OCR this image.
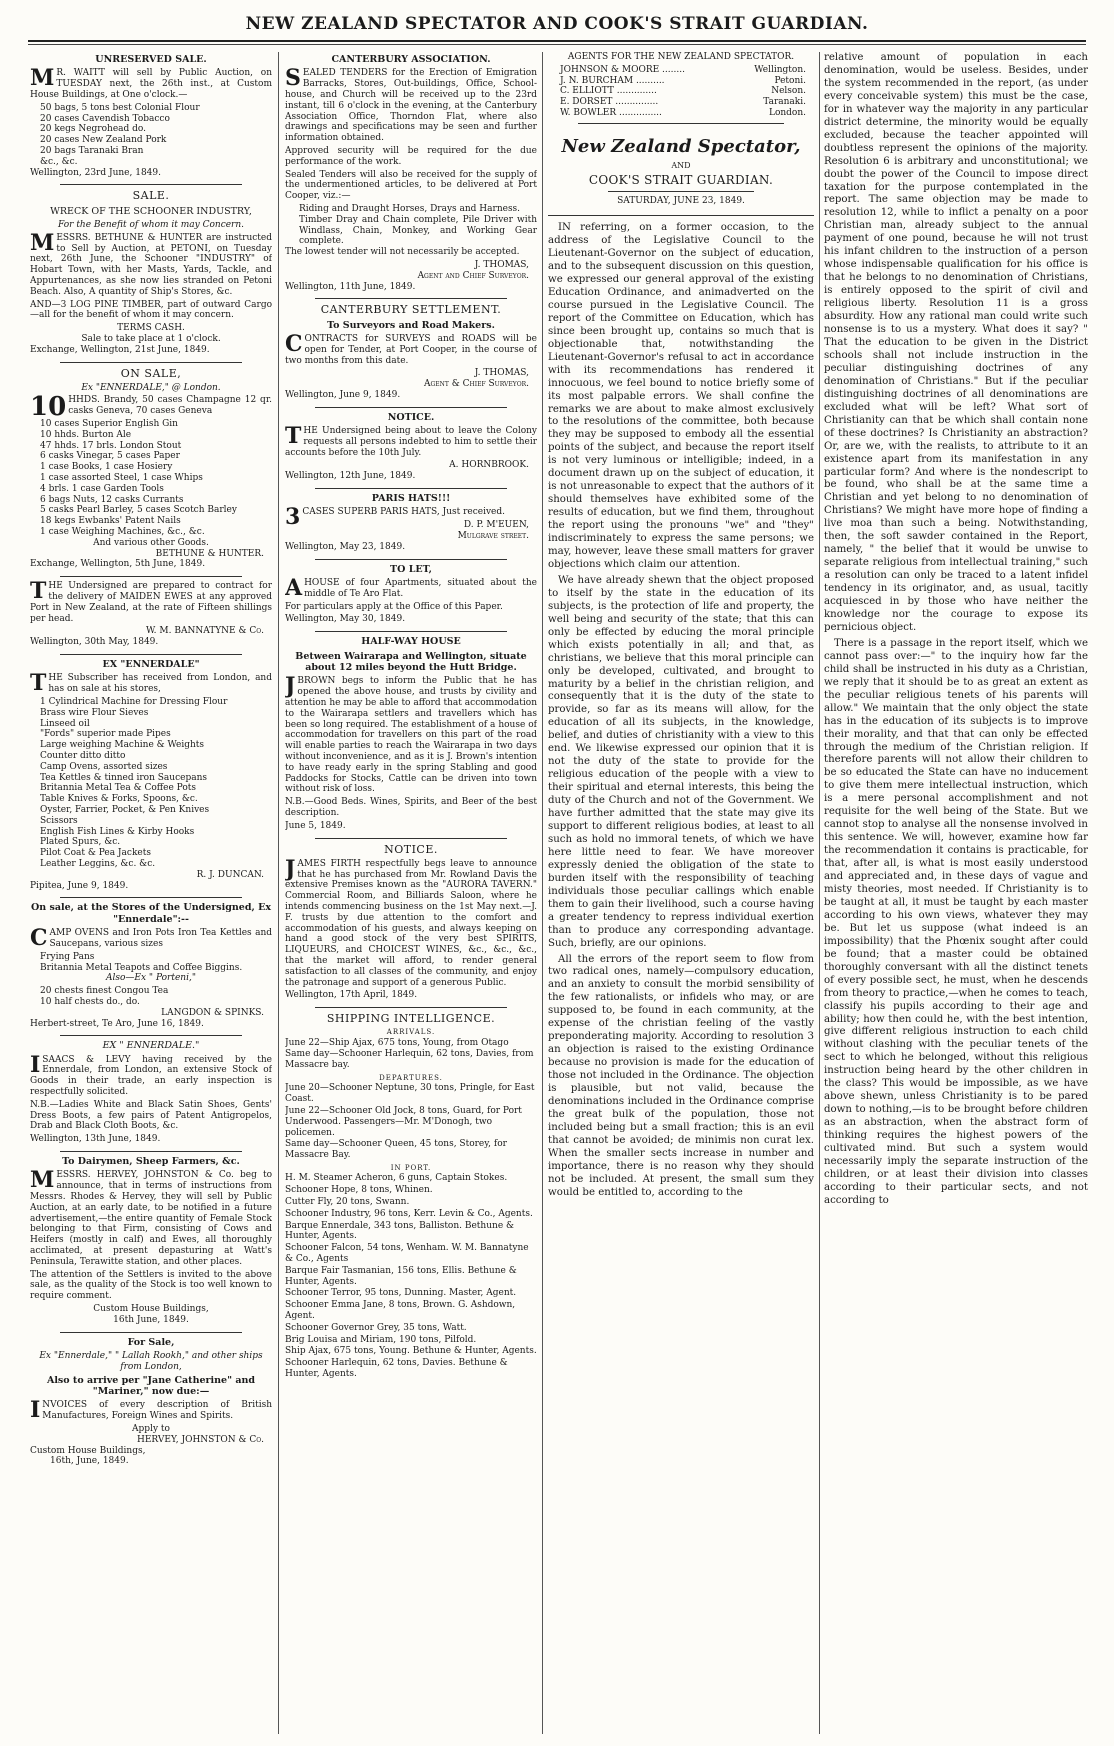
NEW ZEALAND SPECTATOR AND COOK'S STRAIT GUARDIAN.
UNRESERVED SALE.

M R. WAITT will sell by Public Auction, on TUESDAY next, the 26th inst., at Custom House Buildings, at One o'clock.—

50 bags, 5 tons best Colonial Flour
20 cases Cavendish Tobacco
20 kegs Negrohead do.
20 cases New Zealand Pork
20 bags Taranaki Bran
&c., &c.
Wellington, 23rd June, 1849.
SALE.
WRECK OF THE SCHOONER INDUSTRY,
For the Benefit of whom it may Concern.

MESSRS. BETHUNE & HUNTER are instructed to Sell by Auction, at PETONI, on Tuesday next, 26th June, the Schooner "INDUSTRY" of Hobart Town, with her Masts, Yards, Tackle, and Appurtenances, as she now lies stranded on Petoni Beach. Also, A quantity of Ship's Stores, &c.

AND—3 LOG PINE TIMBER, part of outward Cargo—all for the benefit of whom it may concern.

TERMS CASH.
Sale to take place at 1 o'clock.
Exchange, Wellington, 21st June, 1849.
ON SALE,
Ex "ENNERDALE," @ London.

10 HHDS. Brandy, 50 cases Champagne 12 qr. casks Geneva, 70 cases Geneva

10 cases Superior English Gin
10 hhds. Burton Ale
47 hhds. 17 brls. London Stout
6 casks Vinegar, 5 cases Paper
1 case Books, 1 case Hosiery
1 case assorted Steel, 1 case Whips
4 brls. 1 case Garden Tools
6 bags Nuts, 12 casks Currants
5 casks Pearl Barley, 5 cases Scotch Barley
18 kegs Ewbanks' Patent Nails
1 case Weighing Machines, &c., &c.
And various other Goods.
BETHUNE & HUNTER.
Exchange, Wellington, 5th June, 1849.

THE Undersigned are prepared to contract for the delivery of MAIDEN EWES at any approved Port in New Zealand, at the rate of Fifteen shillings per head.

W. M. BANNATYNE & Co.
Wellington, 30th May, 1849.
EX "ENNERDALE"

THE Subscriber has received from London, and has on sale at his stores,

1 Cylindrical Machine for Dressing Flour
Brass wire Flour Sieves
Linseed oil
"Fords" superior made Pipes
Large weighing Machine & Weights
Counter ditto ditto
Camp Ovens, assorted sizes
Tea Kettles & tinned iron Saucepans
Britannia Metal Tea & Coffee Pots
Table Knives & Forks, Spoons, &c.
Oyster, Farrier, Pocket, & Pen Knives
Scissors
English Fish Lines & Kirby Hooks
Plated Spurs, &c.
Pilot Coat & Pea Jackets
Leather Leggins, &c. &c.
R. J. DUNCAN.
Pipitea, June 9, 1849.
On sale, at the Stores of the Undersigned, Ex "Ennerdale":--

CAMP OVENS and Iron Pots Iron Tea Kettles and Saucepans, various sizes

Frying Pans
Britannia Metal Teapots and Coffee Biggins.
Also—Ex " Porteni,"
20 chests finest Congou Tea
10 half chests do., do.
LANGDON & SPINKS.
Herbert-street, Te Aro, June 16, 1849.
EX " ENNERDALE."

ISAACS & LEVY having received by the Ennerdale, from London, an extensive Stock of Goods in their trade, an early inspection is respectfully solicited.

N.B.—Ladies White and Black Satin Shoes, Gents' Dress Boots, a few pairs of Patent Antigropelos, Drab and Black Cloth Boots, &c.

Wellington, 13th June, 1849.
To Dairymen, Sheep Farmers, &c.

MESSRS. HERVEY, JOHNSTON & Co. beg to announce, that in terms of instructions from Messrs. Rhodes & Hervey, they will sell by Public Auction, at an early date, to be notified in a future advertisement,—the entire quantity of Female Stock belonging to that Firm, consisting of Cows and Heifers (mostly in calf) and Ewes, all thoroughly acclimated, at present depasturing at Watt's Peninsula, Terawitte station, and other places.

The attention of the Settlers is invited to the above sale, as the quality of the Stock is too well known to require comment.

Custom House Buildings,
16th June, 1849.
For Sale,
Ex "Ennerdale," " Lallah Rookh," and other ships from London,
Also to arrive per "Jane Catherine" and "Mariner," now due:—

INVOICES of every description of British Manufactures, Foreign Wines and Spirits.

Apply to
HERVEY, JOHNSTON & Co.
Custom House Buildings,
16th, June, 1849.
CANTERBURY ASSOCIATION.

SEALED TENDERS for the Erection of Emigration Barracks, Stores, Out-buildings, Office, School-house, and Church will be received up to the 23rd instant, till 6 o'clock in the evening, at the Canterbury Association Office, Thorndon Flat, where also drawings and specifications may be seen and further information obtained.

Approved security will be required for the due performance of the work.

Sealed Tenders will also be received for the supply of the undermentioned articles, to be delivered at Port Cooper, viz.:—

Riding and Draught Horses, Drays and Harness.

Timber Dray and Chain complete, Pile Driver with Windlass, Chain, Monkey, and Working Gear complete.

The lowest tender will not necessarily be accepted.

J. THOMAS,
Agent and Chief Surveyor.
Wellington, 11th June, 1849.
CANTERBURY SETTLEMENT.
To Surveyors and Road Makers.

CONTRACTS for SURVEYS and ROADS will be open for Tender, at Port Cooper, in the course of two months from this date.

J. THOMAS,
Agent & Chief Surveyor.
Wellington, June 9, 1849.
NOTICE.

THE Undersigned being about to leave the Colony requests all persons indebted to him to settle their accounts before the 10th July.

A. HORNBROOK.
Wellington, 12th June, 1849.
PARIS HATS!!!

3 CASES SUPERB PARIS HATS, Just received.

D. P. M'EUEN,
Mulgrave street.
Wellington, May 23, 1849.
TO LET,

AHOUSE of four Apartments, situated about the middle of Te Aro Flat.

For particulars apply at the Office of this Paper.

Wellington, May 30, 1849.
HALF-WAY HOUSE
Between Wairarapa and Wellington, situate about 12 miles beyond the Hutt Bridge.

JBROWN begs to inform the Public that he has opened the above house, and trusts by civility and attention he may be able to afford that accommodation to the Wairarapa settlers and travellers which has been so long required. The establishment of a house of accommodation for travellers on this part of the road will enable parties to reach the Wairarapa in two days without inconvenience, and as it is J. Brown's intention to have ready early in the spring Stabling and good Paddocks for Stocks, Cattle can be driven into town without risk of loss.

N.B.—Good Beds. Wines, Spirits, and Beer of the best description.

June 5, 1849.
NOTICE.

JAMES FIRTH respectfully begs leave to announce that he has purchased from Mr. Rowland Davis the extensive Premises known as the "AURORA TAVERN." Commercial Room, and Billiards Saloon, where he intends commencing business on the 1st May next.—J. F. trusts by due attention to the comfort and accommodation of his guests, and always keeping on hand a good stock of the very best SPIRITS, LIQUEURS, and CHOICEST WINES, &c., &c., &c., that the market will afford, to render general satisfaction to all classes of the community, and enjoy the patronage and support of a generous Public.

Wellington, 17th April, 1849.
SHIPPING INTELLIGENCE.
ARRIVALS.
June 22—Ship Ajax, 675 tons, Young, from Otago
Same day—Schooner Harlequin, 62 tons, Davies, from Massacre bay.
DEPARTURES.
June 20—Schooner Neptune, 30 tons, Pringle, for East Coast.
June 22—Schooner Old Jock, 8 tons, Guard, for Port Underwood. Passengers—Mr. M'Donogh, two policemen.
Same day—Schooner Queen, 45 tons, Storey, for Massacre Bay.
IN PORT.
H. M. Steamer Acheron, 6 guns, Captain Stokes.
Schooner Hope, 8 tons, Whinen.
Cutter Fly, 20 tons, Swann.
Schooner Industry, 96 tons, Kerr. Levin & Co., Agents.
Barque Ennerdale, 343 tons, Balliston. Bethune & Hunter, Agents.
Schooner Falcon, 54 tons, Wenham. W. M. Bannatyne & Co., Agents
Barque Fair Tasmanian, 156 tons, Ellis. Bethune & Hunter, Agents.
Schooner Terror, 95 tons, Dunning. Master, Agent.
Schooner Emma Jane, 8 tons, Brown. G. Ashdown, Agent.
Schooner Governor Grey, 35 tons, Watt.
Brig Louisa and Miriam, 190 tons, Pilfold.
Ship Ajax, 675 tons, Young. Bethune & Hunter, Agents.
Schooner Harlequin, 62 tons, Davies. Bethune & Hunter, Agents.
AGENTS FOR THE NEW ZEALAND SPECTATOR.
JOHNSON & MOORE ........	Wellington.
J. N. BURCHAM ..........	Petoni.
C. ELLIOTT ..............	Nelson.
E. DORSET ...............	Taranaki.
W. BOWLER ...............	London.
New Zealand Spectator,
AND
COOK'S STRAIT GUARDIAN.
SATURDAY, JUNE 23, 1849.

IN referring, on a former occasion, to the address of the Legislative Council to the Lieutenant-Governor on the subject of education, and to the subsequent discussion on this question, we expressed our general approval of the existing Education Ordinance, and animadverted on the course pursued in the Legislative Council. The report of the Committee on Education, which has since been brought up, contains so much that is objectionable that, notwithstanding the Lieutenant-Governor's refusal to act in accordance with its recommendations has rendered it innocuous, we feel bound to notice briefly some of its most palpable errors. We shall confine the remarks we are about to make almost exclusively to the resolutions of the committee, both because they may be supposed to embody all the essential points of the subject, and because the report itself is not very luminous or intelligible; indeed, in a document drawn up on the subject of education, it is not unreasonable to expect that the authors of it should themselves have exhibited some of the results of education, but we find them, throughout the report using the pronouns "we" and "they" indiscriminately to express the same persons; we may, however, leave these small matters for graver objections which claim our attention.

We have already shewn that the object proposed to itself by the state in the education of its subjects, is the protection of life and property, the well being and security of the state; that this can only be effected by educing the moral principle which exists potentially in all; and that, as christians, we believe that this moral principle can only be developed, cultivated, and brought to maturity by a belief in the christian religion, and consequently that it is the duty of the state to provide, so far as its means will allow, for the education of all its subjects, in the knowledge, belief, and duties of christianity with a view to this end. We likewise expressed our opinion that it is not the duty of the state to provide for the religious education of the people with a view to their spiritual and eternal interests, this being the duty of the Church and not of the Government. We have further admitted that the state may give its support to different religious bodies, at least to all such as hold no immoral tenets, of which we have here little need to fear. We have moreover expressly denied the obligation of the state to burden itself with the responsibility of teaching individuals those peculiar callings which enable them to gain their livelihood, such a course having a greater tendency to repress individual exertion than to produce any corresponding advantage. Such, briefly, are our opinions.

All the errors of the report seem to flow from two radical ones, namely—compulsory education, and an anxiety to consult the morbid sensibility of the few rationalists, or infidels who may, or are supposed to, be found in each community, at the expense of the christian feeling of the vastly preponderating majority. According to resolution 3 an objection is raised to the existing Ordinance because no provision is made for the education of those not included in the Ordinance. The objection is plausible, but not valid, because the denominations included in the Ordinance comprise the great bulk of the population, those not included being but a small fraction; this is an evil that cannot be avoided; de minimis non curat lex. When the smaller sects increase in number and importance, there is no reason why they should not be included. At present, the small sum they would be entitled to, according to the

relative amount of population in each denomination, would be useless. Besides, under the system recommended in the report, (as under every conceivable system) this must be the case, for in whatever way the majority in any particular district determine, the minority would be equally excluded, because the teacher appointed will doubtless represent the opinions of the majority. Resolution 6 is arbitrary and unconstitutional; we doubt the power of the Council to impose direct taxation for the purpose contemplated in the report. The same objection may be made to resolution 12, while to inflict a penalty on a poor Christian man, already subject to the annual payment of one pound, because he will not trust his infant children to the instruction of a person whose indispensable qualification for his office is that he belongs to no denomination of Christians, is entirely opposed to the spirit of civil and religious liberty. Resolution 11 is a gross absurdity. How any rational man could write such nonsense is to us a mystery. What does it say? " That the education to be given in the District schools shall not include instruction in the peculiar distinguishing doctrines of any denomination of Christians." But if the peculiar distinguishing doctrines of all denominations are excluded what will be left? What sort of Christianity can that be which shall contain none of these doctrines? Is Christianity an abstraction? Or, are we, with the realists, to attribute to it an existence apart from its manifestation in any particular form? And where is the nondescript to be found, who shall be at the same time a Christian and yet belong to no denomination of Christians? We might have more hope of finding a live moa than such a being. Notwithstanding, then, the soft sawder contained in the Report, namely, " the belief that it would be unwise to separate religious from intellectual training," such a resolution can only be traced to a latent infidel tendency in its originator, and, as usual, tacitly acquiesced in by those who have neither the knowledge nor the courage to expose its pernicious object.

There is a passage in the report itself, which we cannot pass over:—" to the inquiry how far the child shall be instructed in his duty as a Christian, we reply that it should be to as great an extent as the peculiar religious tenets of his parents will allow." We maintain that the only object the state has in the education of its subjects is to improve their morality, and that that can only be effected through the medium of the Christian religion. If therefore parents will not allow their children to be so educated the State can have no inducement to give them mere intellectual instruction, which is a mere personal accomplishment and not requisite for the well being of the State. But we cannot stop to analyse all the nonsense involved in this sentence. We will, however, examine how far the recommendation it contains is practicable, for that, after all, is what is most easily understood and appreciated and, in these days of vague and misty theories, most needed. If Christianity is to be taught at all, it must be taught by each master according to his own views, whatever they may be. But let us suppose (what indeed is an impossibility) that the Phœnix sought after could be found; that a master could be obtained thoroughly conversant with all the distinct tenets of every possible sect, he must, when he descends from theory to practice,—when he comes to teach, classify his pupils according to their age and ability; how then could he, with the best intention, give different religious instruction to each child without clashing with the peculiar tenets of the sect to which he belonged, without this religious instruction being heard by the other children in the class? This would be impossible, as we have above shewn, unless Christianity is to be pared down to nothing,—is to be brought before children as an abstraction, when the abstract form of thinking requires the highest powers of the cultivated mind. But such a system would necessarily imply the separate instruction of the children, or at least their division into classes according to their particular sects, and not according to
